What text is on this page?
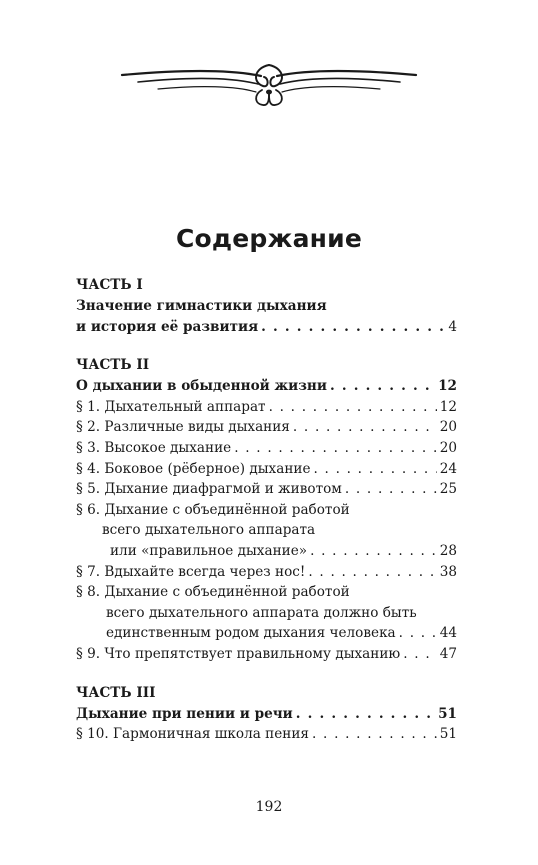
Содержание
ЧАСТЬ I
Значение гимнастики дыхания
и история её развития . . .	4
ЧАСТЬ II
О дыхании в обыденной жизни . . .	12
§ 1. Дыхательный аппарат . . .	12
§ 2. Различные виды дыхания . . .	20
§ 3. Высокое дыхание . . .	20
§ 4. Боковое (рёберное) дыхание . . .	24
§ 5. Дыхание диафрагмой и животом . . .	25
§ 6. Дыхание с объединённой работой
всего дыхательного аппарата
или «правильное дыхание» . . .	28
§ 7. Вдыхайте всегда через нос! . . .	38
§ 8. Дыхание с объединённой работой
всего дыхательного аппарата должно быть
единственным родом дыхания человека . . .	44
§ 9. Что препятствует правильному дыханию . . .	47
ЧАСТЬ III
Дыхание при пении и речи . . .	51
§ 10. Гармоничная школа пения . . .	51
192
